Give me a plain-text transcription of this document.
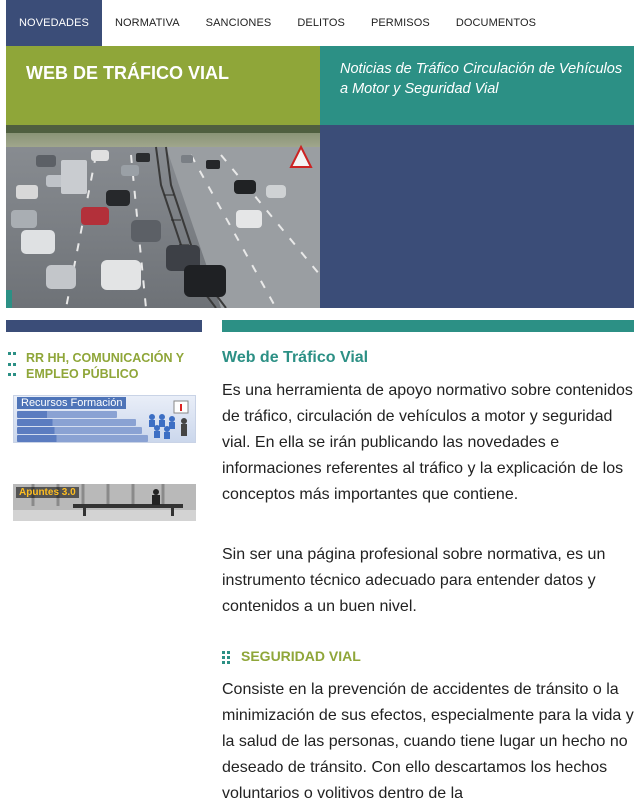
NOVEDADES	NORMATIVA	SANCIONES	DELITOS	PERMISOS	DOCUMENTOS
WEB DE TRÁFICO VIAL	Noticias de Tráfico Circulación de Vehículos a Motor y Seguridad Vial
RR HH, COMUNICACIÓN Y EMPLEO PÚBLICO
Recursos Formación
Apuntes 3.0
Web de Tráfico Vial

Es una herramienta de apoyo normativo sobre contenidos de tráfico, circulación de vehículos a motor y seguridad vial. En ella se irán publicando las novedades e informaciones referentes al tráfico y la explicación de los conceptos más importantes que contiene.

Sin ser una página profesional sobre normativa, es un instrumento técnico adecuado para entender datos y contenidos a un buen nivel.

SEGURIDAD VIAL

Consiste en la prevención de accidentes de tránsito o la minimización de sus efectos, especialmente para la vida y la salud de las personas, cuando tiene lugar un hecho no deseado de tránsito. Con ello descartamos los hechos voluntarios o volitivos dentro de la
